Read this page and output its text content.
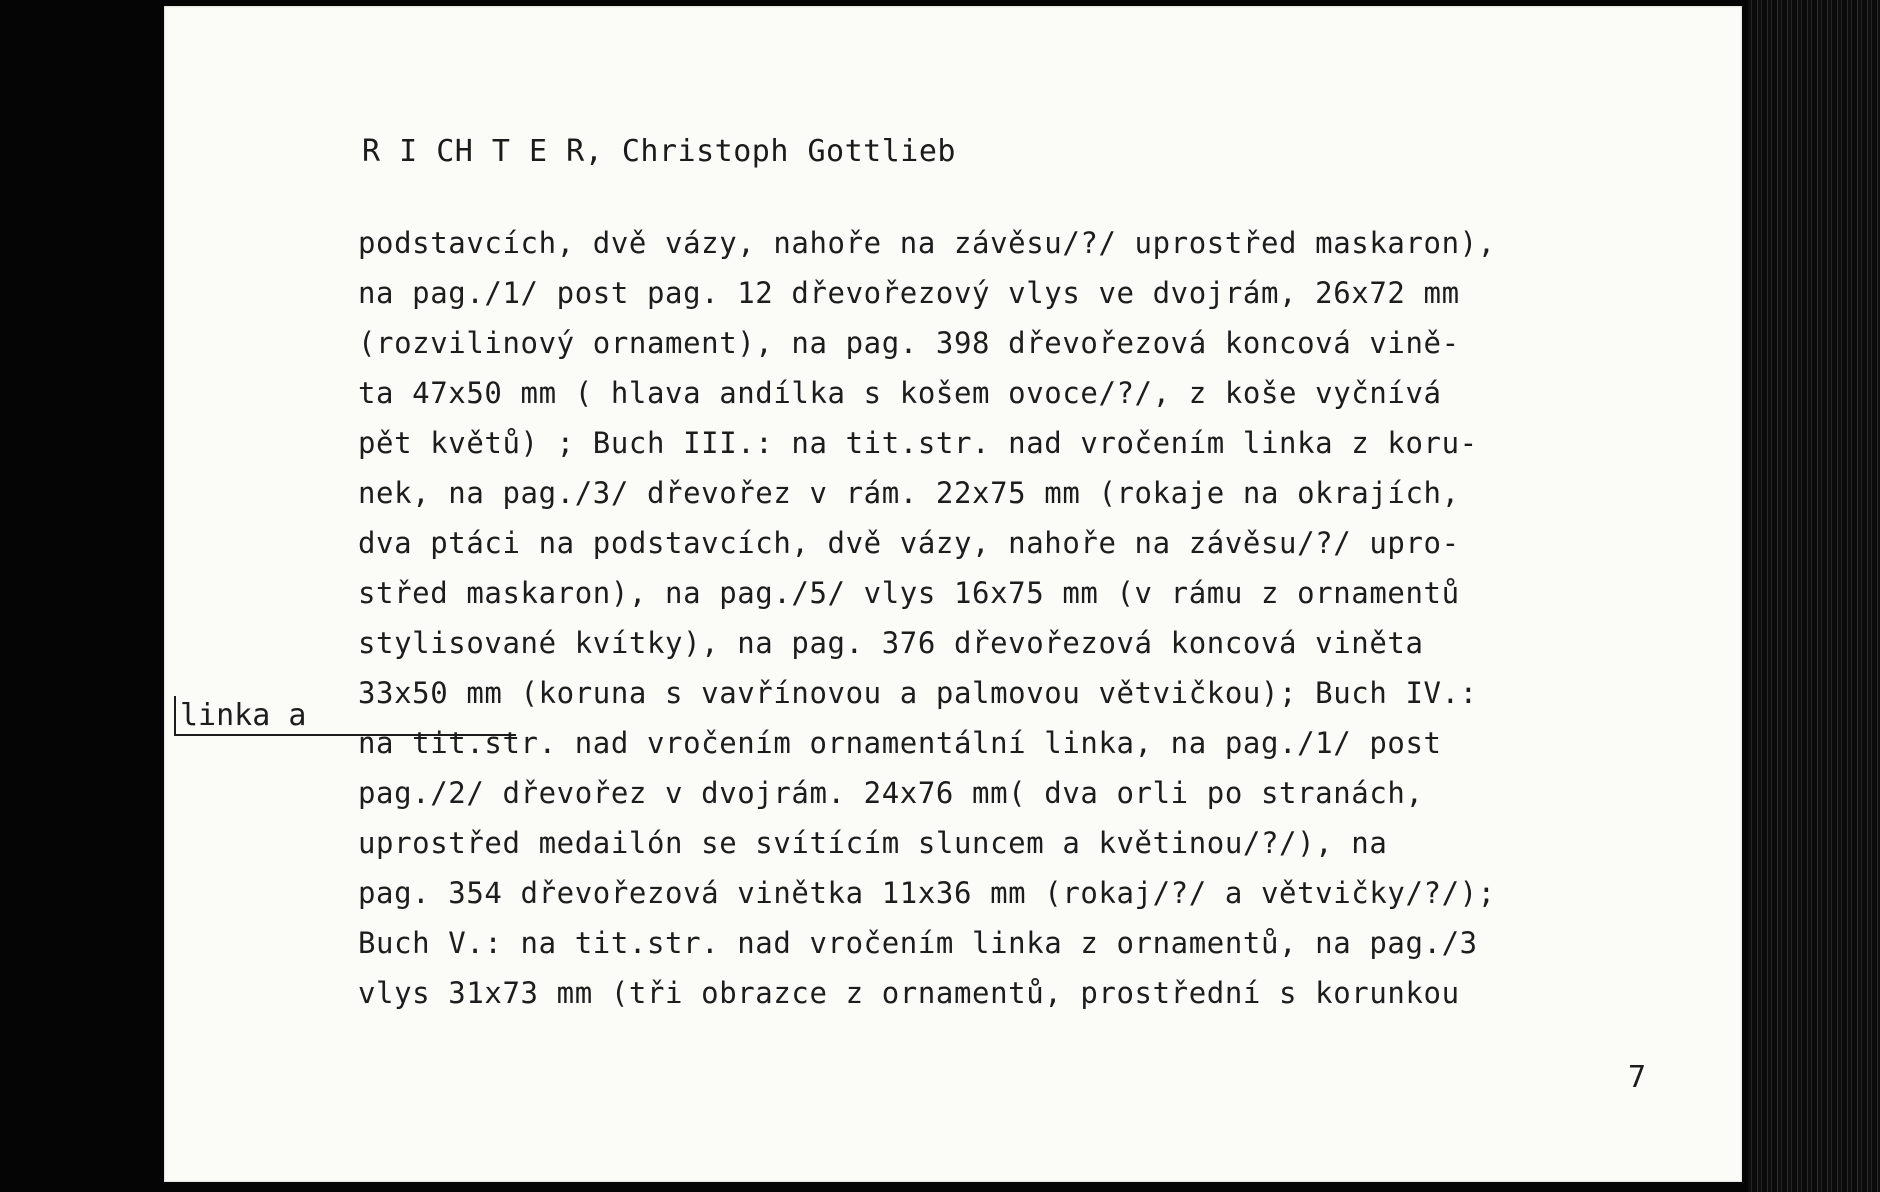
R I CH T E R, Christoph Gottlieb
podstavcích, dvě vázy, nahoře na závěsu/?/ uprostřed maskaron),
na pag./1/ post pag. 12 dřevořezový vlys ve dvojrám, 26x72 mm
(rozvilinový ornament), na pag. 398 dřevořezová koncová vině-
ta 47x50 mm ( hlava andílka s košem ovoce/?/, z koše vyčnívá
pět květů) ; Buch III.: na tit.str. nad vročením linka z koru-
nek, na pag./3/ dřevořez v rám. 22x75 mm (rokaje na okrajích,
dva ptáci na podstavcích, dvě vázy, nahoře na závěsu/?/ upro-
střed maskaron), na pag./5/ vlys 16x75 mm (v rámu z ornamentů
stylisované kvítky), na pag. 376 dřevořezová koncová viněta
33x50 mm (koruna s vavřínovou a palmovou větvičkou); Buch IV.:
na tit.str. nad vročením ornamentální linka, na pag./1/ post
pag./2/ dřevořez v dvojrám. 24x76 mm( dva orli po stranách,
uprostřed medailón se svítícím sluncem a květinou/?/), na
pag. 354 dřevořezová vinětka 11x36 mm (rokaj/?/ a větvičky/?/);
Buch V.: na tit.str. nad vročením linka z ornamentů, na pag./3
vlys 31x73 mm (tři obrazce z ornamentů, prostřední s korunkou
linka a
7
